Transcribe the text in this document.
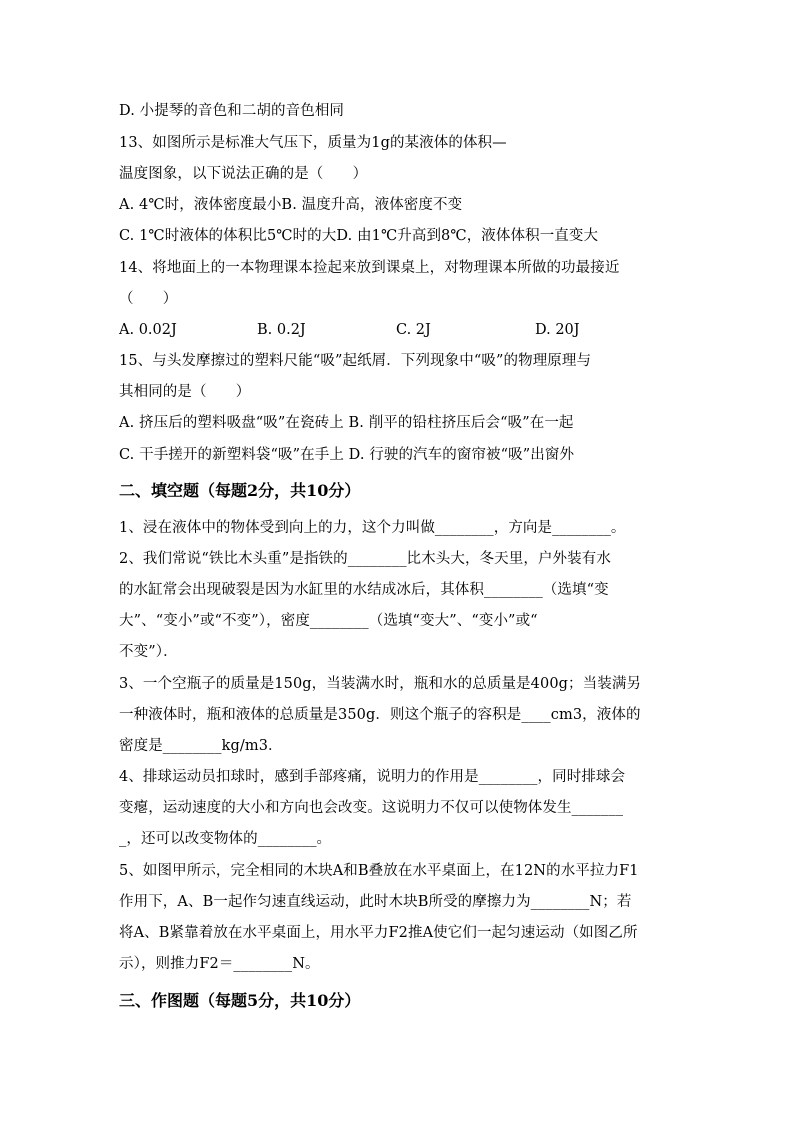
D. 小提琴的音色和二胡的音色相同
13、如图所示是标准大气压下，质量为1g的某液体的体积—
温度图象，以下说法正确的是（　　）
A. 4℃时，液体密度最小B. 温度升高，液体密度不变
C. 1℃时液体的体积比5℃时的大D. 由1℃升高到8℃，液体体积一直变大
14、将地面上的一本物理课本捡起来放到课桌上，对物理课本所做的功最接近
（　　）
A. 0.02J	B. 0.2J	C. 2J	D. 20J
15、与头发摩擦过的塑料尺能“吸”起纸屑．下列现象中“吸”的物理原理与
其相同的是（　　）
A. 挤压后的塑料吸盘“吸”在瓷砖上 B. 削平的铅柱挤压后会“吸”在一起
C. 干手搓开的新塑料袋“吸”在手上 D. 行驶的汽车的窗帘被“吸”出窗外
二、填空题（每题2分，共10分）
1、浸在液体中的物体受到向上的力，这个力叫做________，方向是________。
2、我们常说“铁比木头重”是指铁的________比木头大，冬天里，户外装有水
的水缸常会出现破裂是因为水缸里的水结成冰后，其体积________（选填“变
大”、“变小”或“不变”），密度________（选填“变大”、“变小”或“
不变”）．
3、一个空瓶子的质量是150g，当装满水时，瓶和水的总质量是400g；当装满另
一种液体时，瓶和液体的总质量是350g．则这个瓶子的容积是____cm3，液体的
密度是________kg/m3．
4、排球运动员扣球时，感到手部疼痛，说明力的作用是________，同时排球会
变瘪，运动速度的大小和方向也会改变。这说明力不仅可以使物体发生_______
_，还可以改变物体的________。
5、如图甲所示，完全相同的木块A和B叠放在水平桌面上，在12N的水平拉力F1
作用下，A、B一起作匀速直线运动，此时木块B所受的摩擦力为________N；若
将A、B紧靠着放在水平桌面上，用水平力F2推A使它们一起匀速运动（如图乙所
示），则推力F2＝________N。
三、作图题（每题5分，共10分）
